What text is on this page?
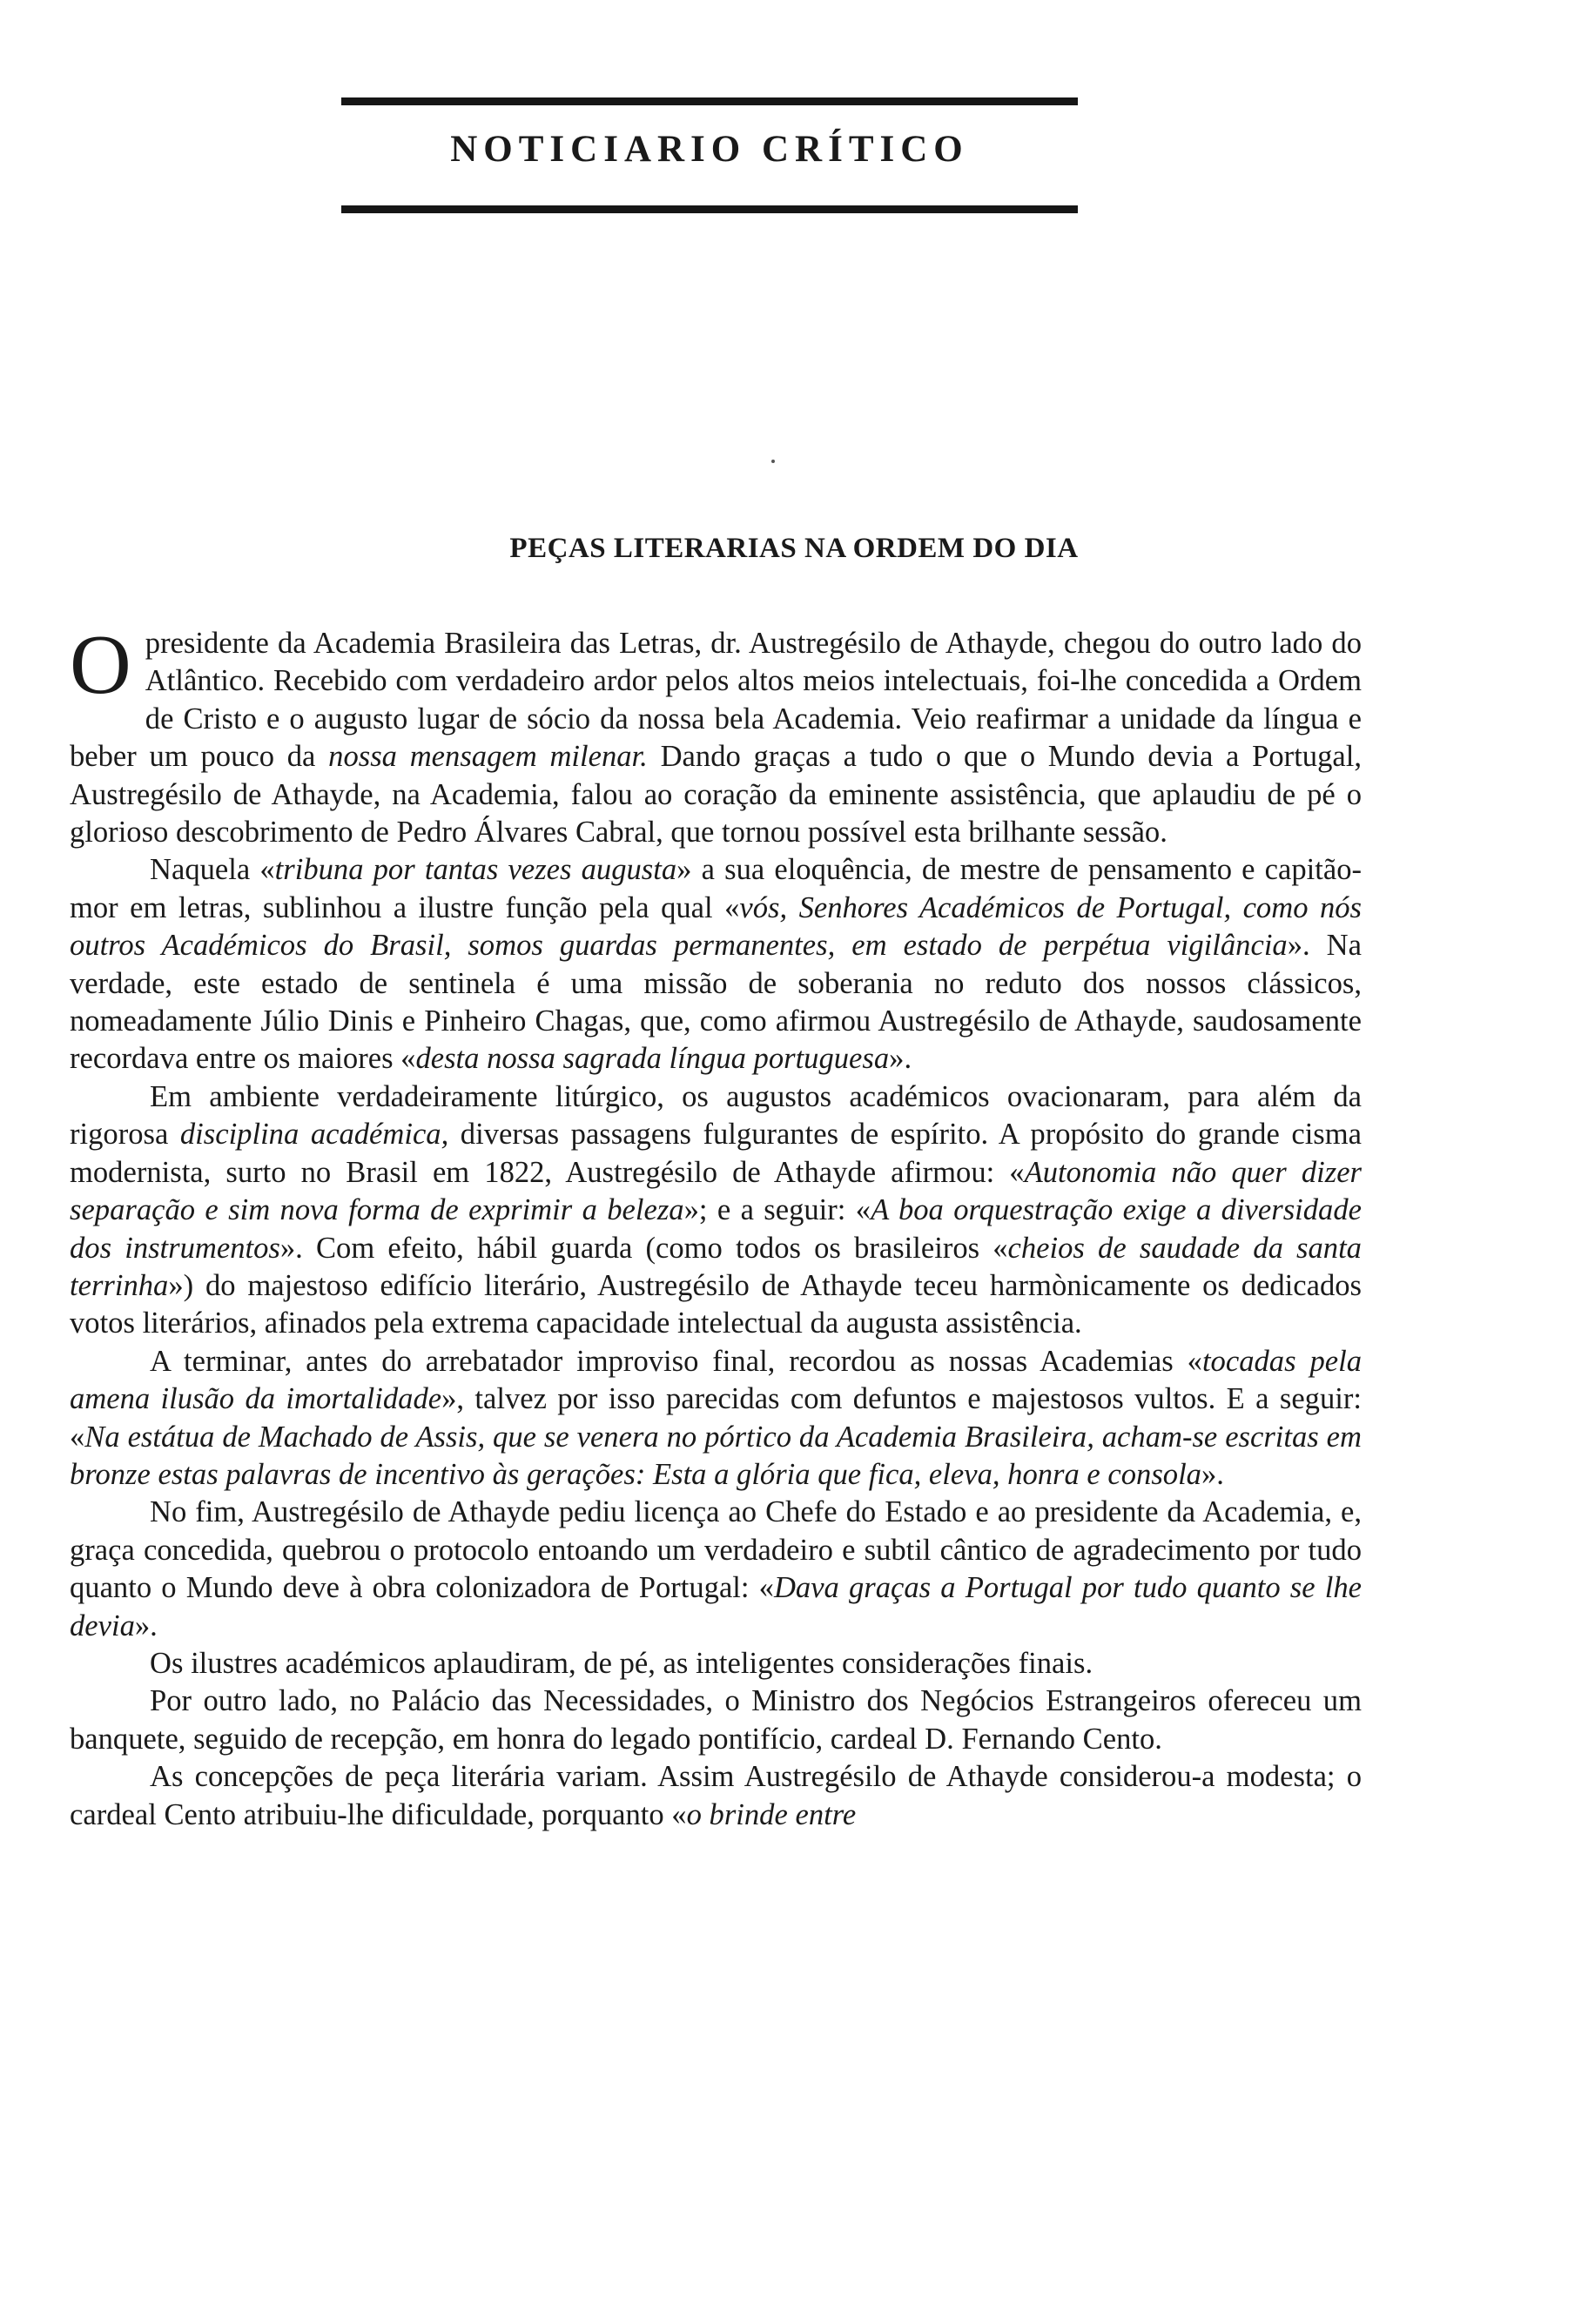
NOTICIARIO CRÍTICO
PEÇAS LITERARIAS NA ORDEM DO DIA

Opresidente da Academia Brasileira das Letras, dr. Austregésilo de Athayde, chegou do outro lado do Atlântico. Recebido com verdadeiro ardor pelos altos meios intelectuais, foi-lhe concedida a Ordem de Cristo e o augusto lugar de sócio da nossa bela Academia. Veio reafirmar a unidade da língua e beber um pouco da nossa mensagem milenar. Dando graças a tudo o que o Mundo devia a Portugal, Austregésilo de Athayde, na Academia, falou ao coração da eminente assistência, que aplaudiu de pé o glorioso descobrimento de Pedro Álvares Cabral, que tornou possível esta brilhante sessão.

Naquela «tribuna por tantas vezes augusta» a sua eloquência, de mestre de pensamento e capitão-mor em letras, sublinhou a ilustre função pela qual «vós, Senhores Académicos de Portugal, como nós outros Académicos do Brasil, somos guardas permanentes, em estado de perpétua vigilância». Na verdade, este estado de sentinela é uma missão de soberania no reduto dos nossos clássicos, nomeadamente Júlio Dinis e Pinheiro Chagas, que, como afirmou Austregésilo de Athayde, saudosamente recordava entre os maiores «desta nossa sagrada língua portuguesa».

Em ambiente verdadeiramente litúrgico, os augustos académicos ovacionaram, para além da rigorosa disciplina académica, diversas passagens fulgurantes de espírito. A propósito do grande cisma modernista, surto no Brasil em 1822, Austregésilo de Athayde afirmou: «Autonomia não quer dizer separação e sim nova forma de exprimir a beleza»; e a seguir: «A boa orquestração exige a diversidade dos instrumentos». Com efeito, hábil guarda (como todos os brasileiros «cheios de saudade da santa terrinha») do majestoso edifício literário, Austregésilo de Athayde teceu harmònicamente os dedicados votos literários, afinados pela extrema capacidade intelectual da augusta assistência.

A terminar, antes do arrebatador improviso final, recordou as nossas Academias «tocadas pela amena ilusão da imortalidade», talvez por isso parecidas com defuntos e majestosos vultos. E a seguir: «Na estátua de Machado de Assis, que se venera no pórtico da Academia Brasileira, acham-se escritas em bronze estas palavras de incentivo às gerações: Esta a glória que fica, eleva, honra e consola».

No fim, Austregésilo de Athayde pediu licença ao Chefe do Estado e ao presidente da Academia, e, graça concedida, quebrou o protocolo entoando um verdadeiro e subtil cântico de agradecimento por tudo quanto o Mundo deve à obra colonizadora de Portugal: «Dava graças a Portugal por tudo quanto se lhe devia».

Os ilustres académicos aplaudiram, de pé, as inteligentes considerações finais.

Por outro lado, no Palácio das Necessidades, o Ministro dos Negócios Estrangeiros ofereceu um banquete, seguido de recepção, em honra do legado pontifício, cardeal D. Fernando Cento.

As concepções de peça literária variam. Assim Austregésilo de Athayde considerou-a modesta; o cardeal Cento atribuiu-lhe dificuldade, porquanto «o brinde entre
